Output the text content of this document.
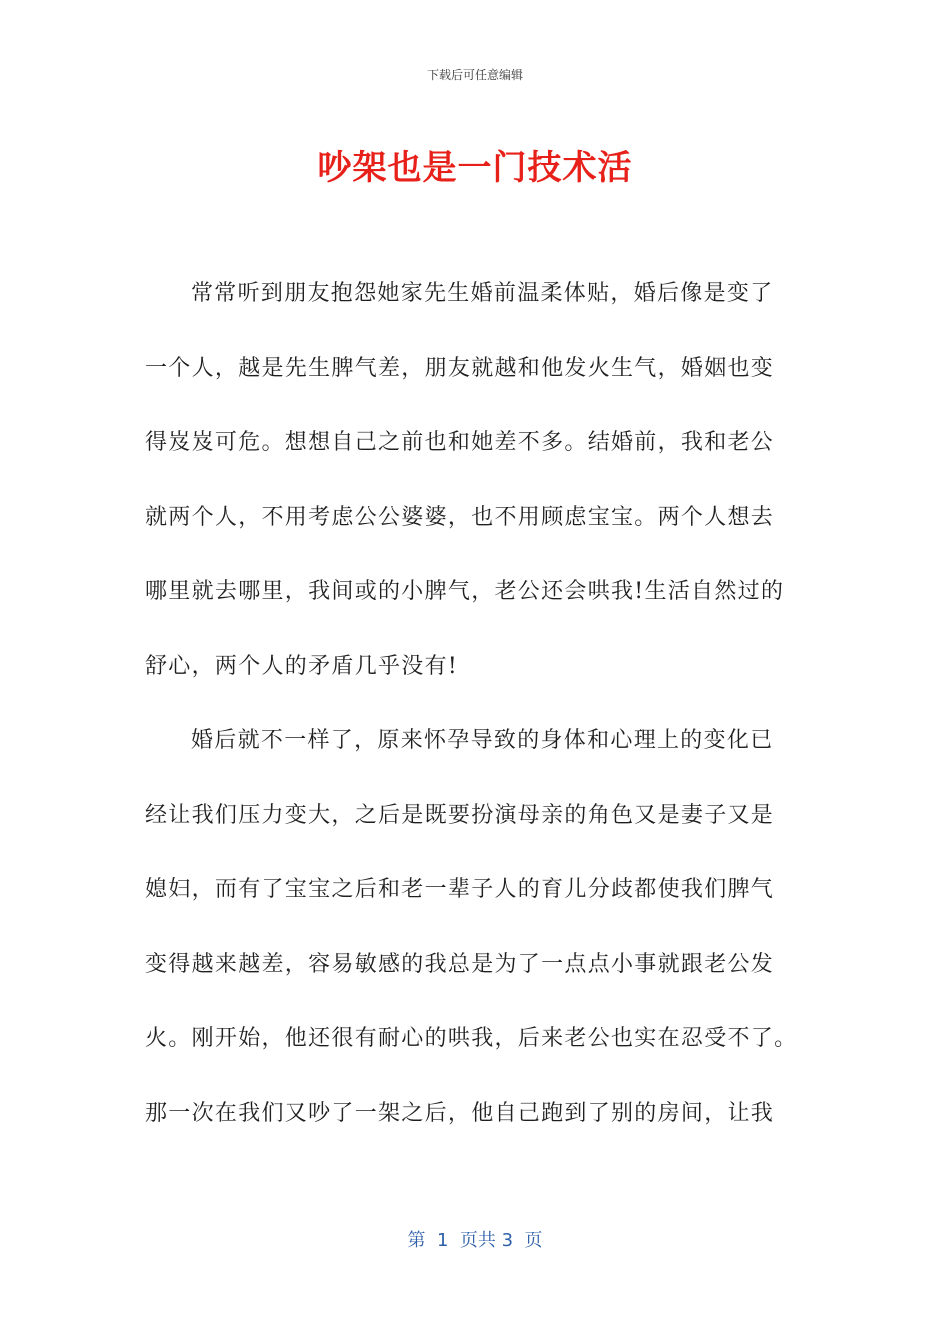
下载后可任意编辑
吵架也是一门技术活
常常听到朋友抱怨她家先生婚前温柔体贴，婚后像是变了
一个人，越是先生脾气差，朋友就越和他发火生气，婚姻也变
得岌岌可危。想想自己之前也和她差不多。结婚前，我和老公
就两个人，不用考虑公公婆婆，也不用顾虑宝宝。两个人想去
哪里就去哪里，我间或的小脾气，老公还会哄我!生活自然过的
舒心，两个人的矛盾几乎没有!
婚后就不一样了，原来怀孕导致的身体和心理上的变化已
经让我们压力变大，之后是既要扮演母亲的角色又是妻子又是
媳妇，而有了宝宝之后和老一辈子人的育儿分歧都使我们脾气
变得越来越差，容易敏感的我总是为了一点点小事就跟老公发
火。刚开始，他还很有耐心的哄我，后来老公也实在忍受不了。
那一次在我们又吵了一架之后，他自己跑到了别的房间，让我
第  1  页共 3  页
